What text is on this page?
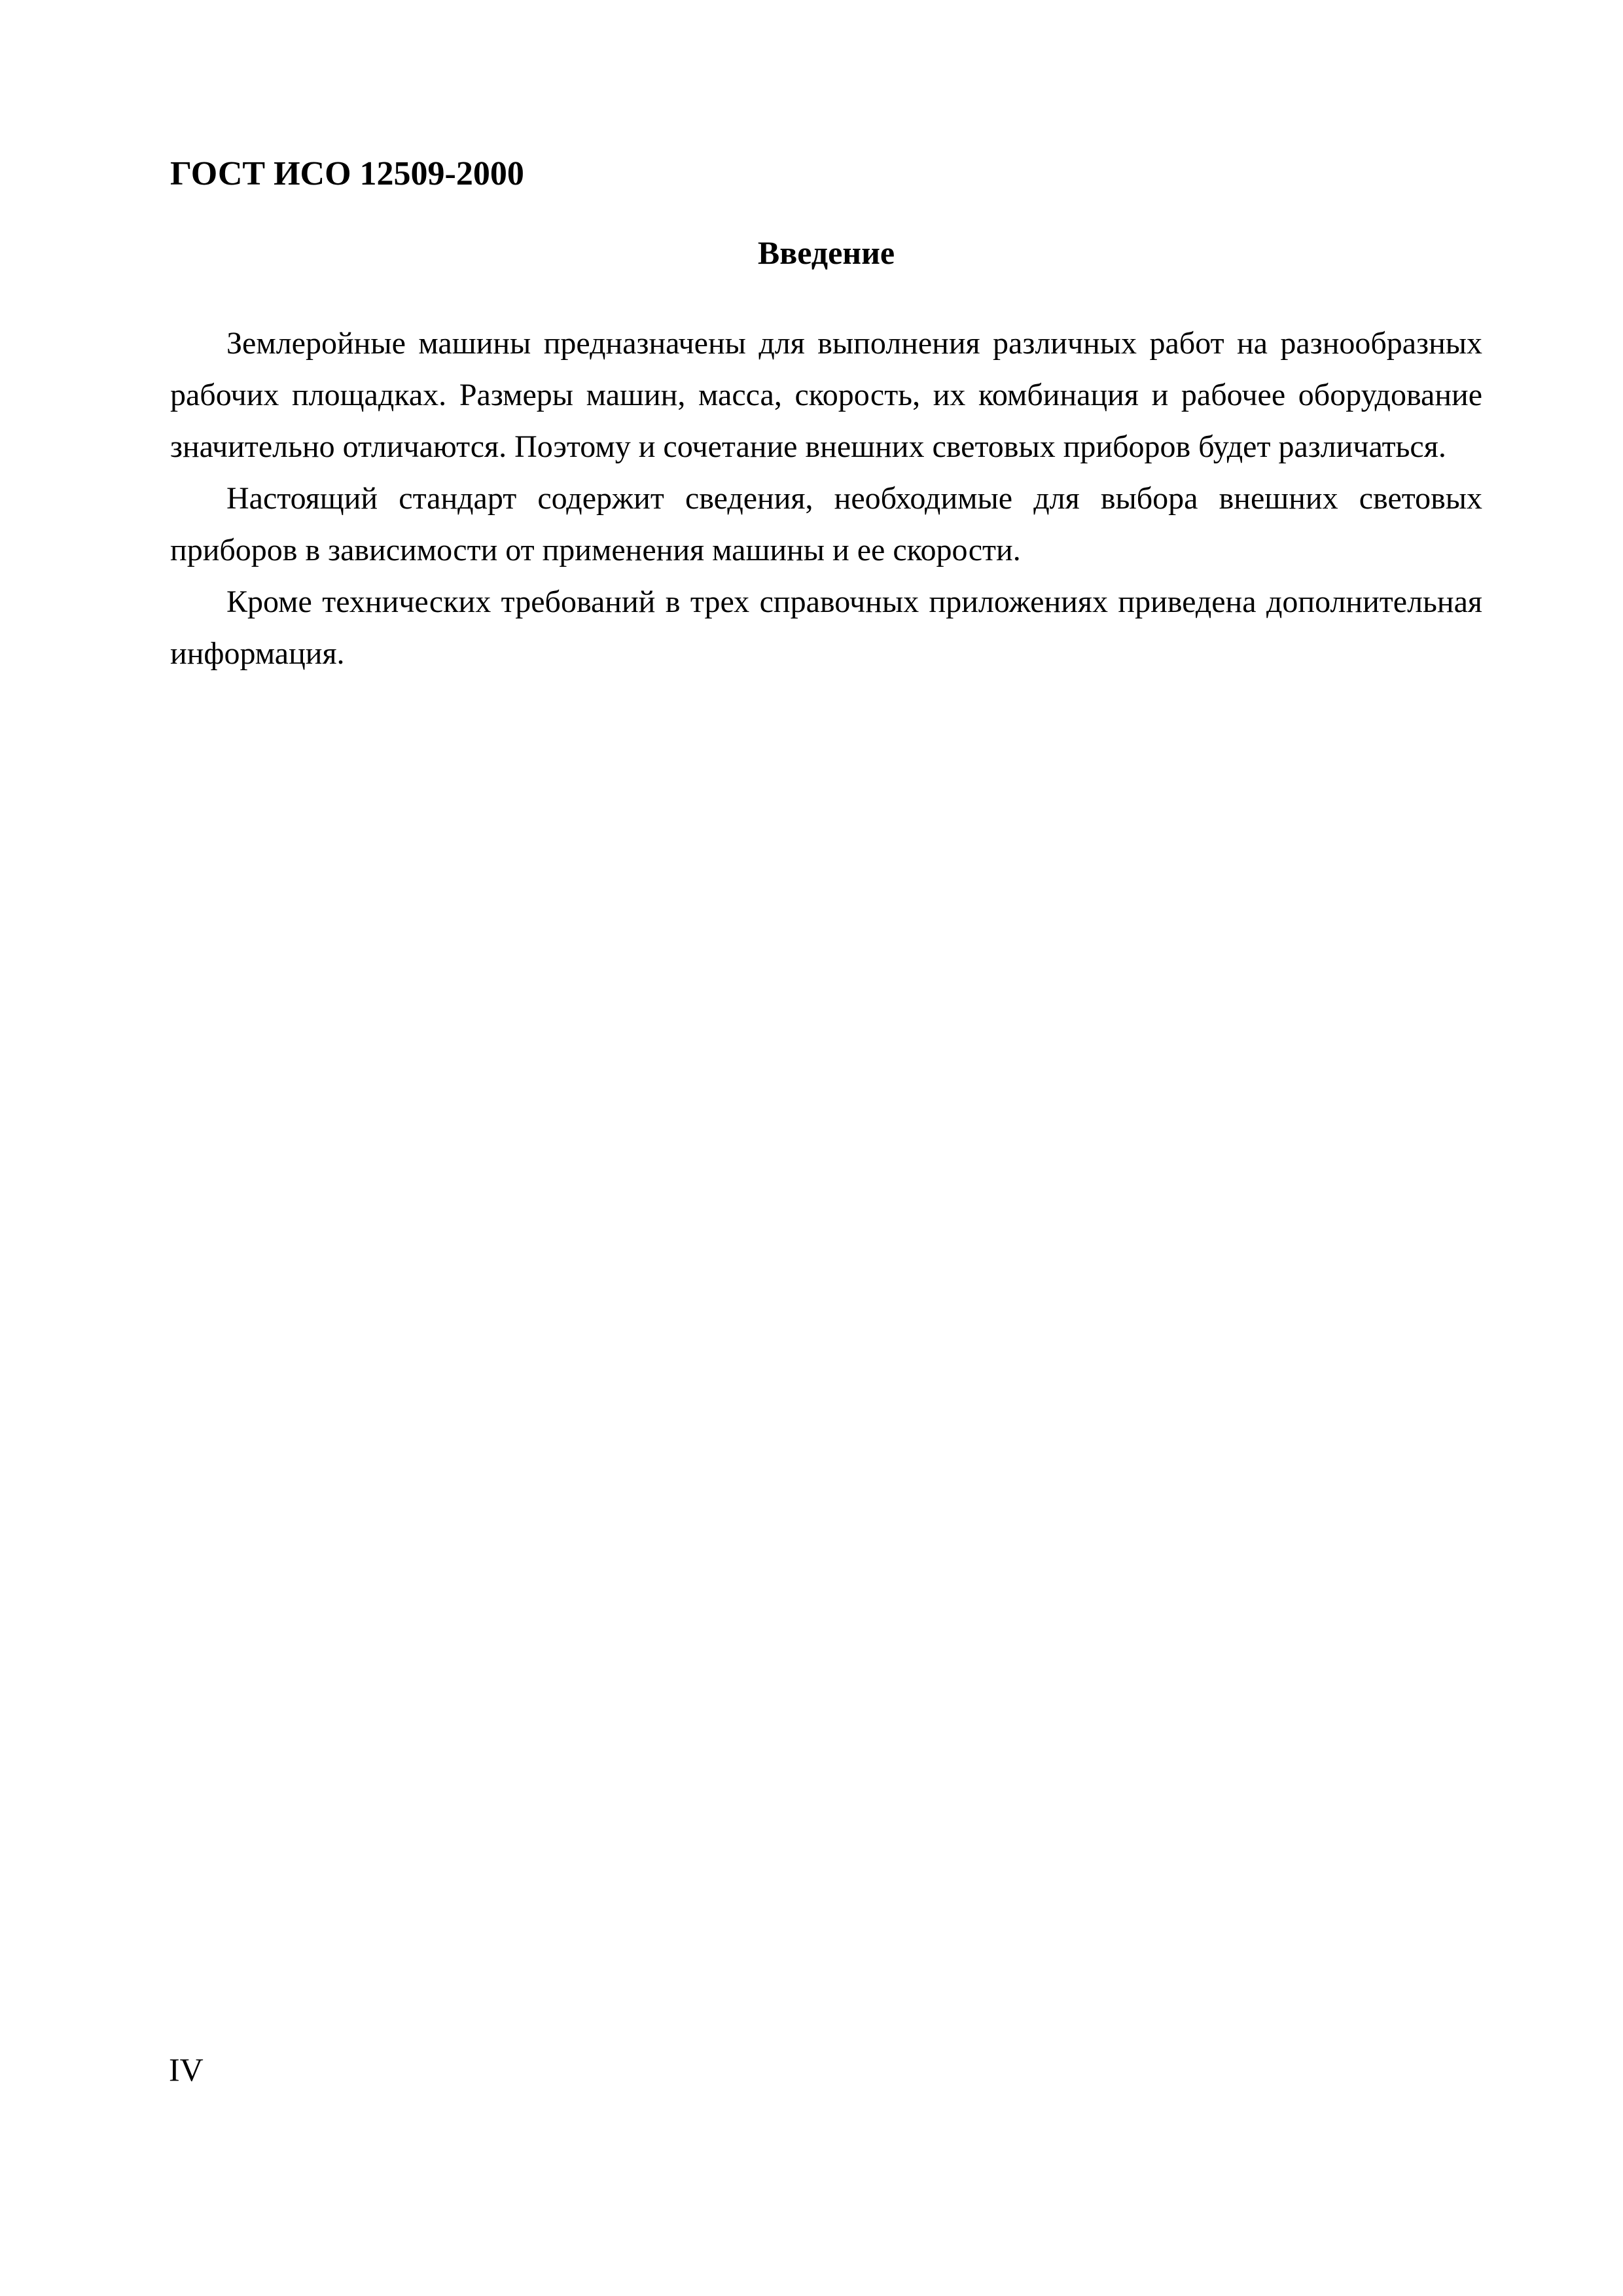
ГОСТ ИСО 12509-2000
Введение

Землеройные машины предназначены для выполнения различных работ на разнообразных рабочих площадках. Размеры машин, масса, скорость, их комбинация и рабочее оборудование значительно отличаются. Поэтому и сочетание внешних световых приборов будет различаться.

Настоящий стандарт содержит сведения, необходимые для выбора внешних световых приборов в зависимости от применения машины и ее скорости.

Кроме технических требований в трех справочных приложениях приведена дополнительная информация.

IV
